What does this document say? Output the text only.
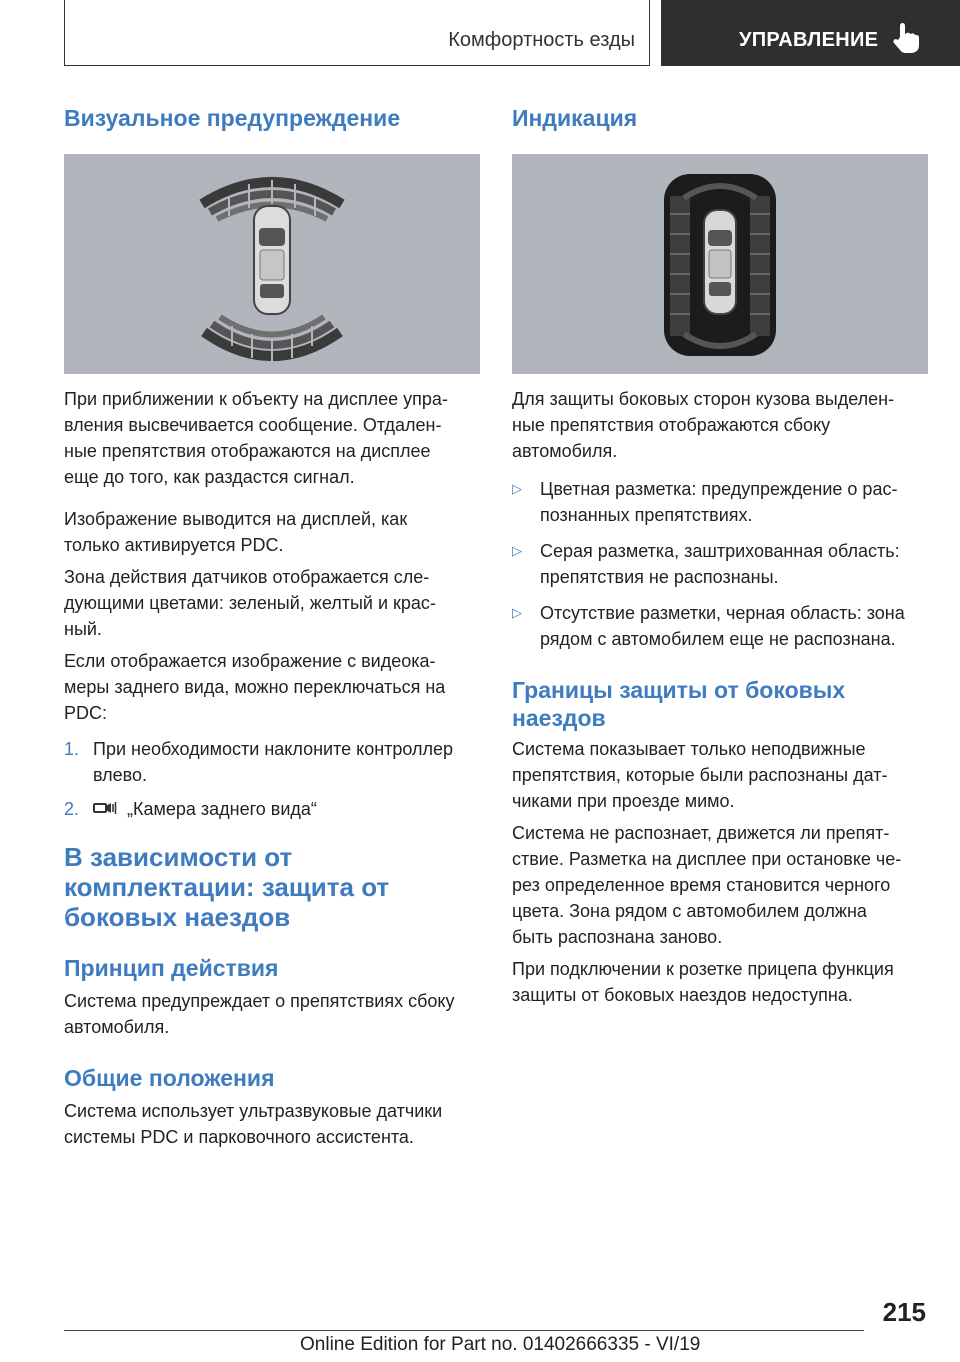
Комфортность езды	УПРАВЛЕНИЕ
Визуальное предупреждение

При приближении к объекту на дисплее упра-
вления высвечивается сообщение. Отдален-
ные препятствия отображаются на дисплее
еще до того, как раздастся сигнал.

Изображение выводится на дисплей, как
только активируется PDC.

Зона действия датчиков отображается сле-
дующими цветами: зеленый, желтый и крас-
ный.

Если отображается изображение с видеока-
меры заднего вида, можно переключаться на
PDC:

1. При необходимости наклоните контроллер
влево.
2.	„Камера заднего вида“
В зависимости от
комплектации: защита от
боковых наездов
Принцип действия

Система предупреждает о препятствиях сбоку
автомобиля.

Общие положения

Система использует ультразвуковые датчики
системы PDC и парковочного ассистента.

Индикация

Для защиты боковых сторон кузова выделен-
ные препятствия отображаются сбоку
автомобиля.

▷ Цветная разметка: предупреждение о рас-
познанных препятствиях.
▷ Серая разметка, заштрихованная область:
препятствия не распознаны.
▷ Отсутствие разметки, черная область: зона
рядом с автомобилем еще не распознана.
Границы защиты от боковых
наездов

Система показывает только неподвижные
препятствия, которые были распознаны дат-
чиками при проезде мимо.

Система не распознает, движется ли препят-
ствие. Разметка на дисплее при остановке че-
рез определенное время становится черного
цвета. Зона рядом с автомобилем должна
быть распознана заново.

При подключении к розетке прицепа функция
защиты от боковых наездов недоступна.

215
Online Edition for Part no. 01402666335 - VI/19
